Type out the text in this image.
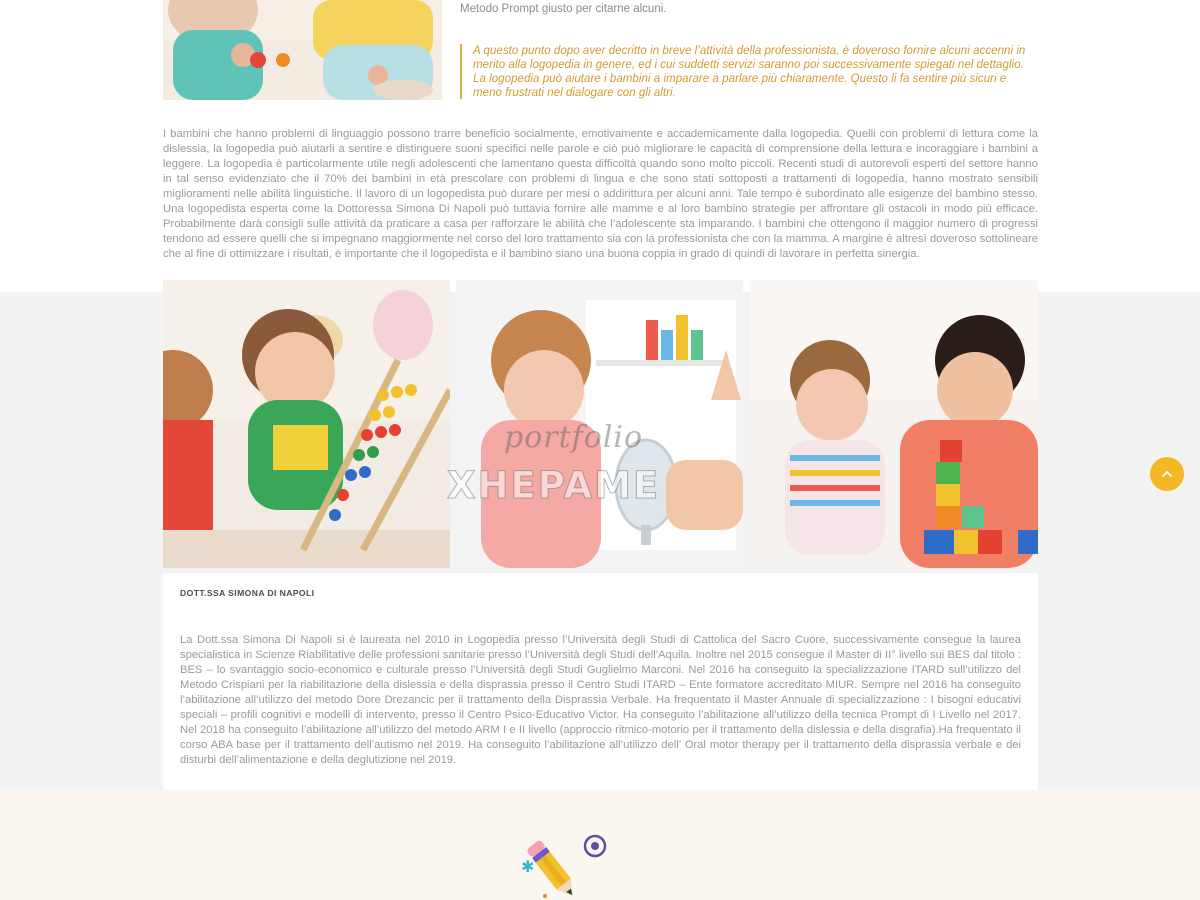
Metodo Prompt giusto per citarne alcuni.
A questo punto dopo aver decritto in breve l’attività della professionista, è doveroso fornire alcuni accenni in merito alla logopedia in genere, ed i cui suddetti servizi saranno poi successivamente spiegati nel dettaglio. La logopedia può aiutare i bambini a imparare a parlare più chiaramente. Questo li fa sentire più sicuri e meno frustrati nel dialogare con gli altri.
I bambini che hanno problemi di linguaggio possono trarre beneficio socialmente, emotivamente e accademicamente dalla logopedia. Quelli con problemi di lettura come la dislessia, la logopedia può aiutarli a sentire e distinguere suoni specifici nelle parole e ciò può migliorare le capacità di comprensione della lettura e incoraggiare i bambini a leggere. La logopedia è particolarmente utile negli adolescenti che lamentano questa difficoltà quando sono molto piccoli. Recenti studi di autorevoli esperti del settore hanno in tal senso evidenziato che il 70% dei bambini in età prescolare con problemi di lingua e che sono stati sottoposti a trattamenti di logopedia, hanno mostrato sensibili miglioramenti nelle abilità linguistiche. Il lavoro di un logopedista può durare per mesi o addirittura per alcuni anni. Tale tempo è subordinato alle esigenze del bambino stesso. Una logopedista esperta come la Dottoressa Simona Di Napoli può tuttavia fornire alle mamme e al loro bambino strategie per affrontare gli ostacoli in modo più efficace. Probabilmente darà consigli sulle attività da praticare a casa per rafforzare le abilità che l’adolescente sta imparando. I bambini che ottengono il maggior numero di progressi tendono ad essere quelli che si impegnano maggiormente nel corso del loro trattamento sia con la professionista che con la mamma. A margine è altresì doveroso sottolineare che al fine di ottimizzare i risultati, è importante che il logopedista e il bambino siano una buona coppia in grado di quindi di lavorare in perfetta sinergia.
portfolio
XHEPAME
DOTT.SSA SIMONA DI NAPOLI
La Dott.ssa Simona Di Napoli si è laureata nel 2010 in Logopedia presso l’Università degli Studi di Cattolica del Sacro Cuore, successivamente consegue la laurea specialistica in Scienze Riabilitative delle professioni sanitarie presso l’Università degli Studi dell’Aquila. Inoltre nel 2015 consegue il Master di II° livello sui BES dal titolo : BES – lo svantaggio socio-economico e culturale presso l’Università degli Studi Guglielmo Marconi. Nel 2016 ha conseguito la specializzazione ITARD sull’utilizzo del Metodo Crispiani per la riabilitazione della dislessia e della disprassia presso il Centro Studi ITARD – Ente formatore accreditato MIUR. Sempre nel 2016 ha conseguito l’abilitazione all’utilizzo del metodo Dore Drezancic per il trattamento della Disprassia Verbale. Ha frequentato il Master Annuale di specializzazione : I bisogni educativi speciali – profili cognitivi e modelli di intervento, presso il Centro Psico-Educativo Victor. Ha conseguito l’abilitazione all’utilizzo della tecnica Prompt di I Livello nel 2017. Nel 2018 ha conseguito l’abilitazione all’utilizzo del metodo ARM I e II livello (approccio ritmico-motorio per il trattamento della dislessia e della disgrafia).Ha frequentato il corso ABA base per il trattamento dell’autismo nel 2019. Ha conseguito l’abilitazione all’utilizzo dell’ Oral motor therapy per il trattamento della disprassia verbale e dei disturbi dell’alimentazione e della deglutizione nel 2019.
✱
